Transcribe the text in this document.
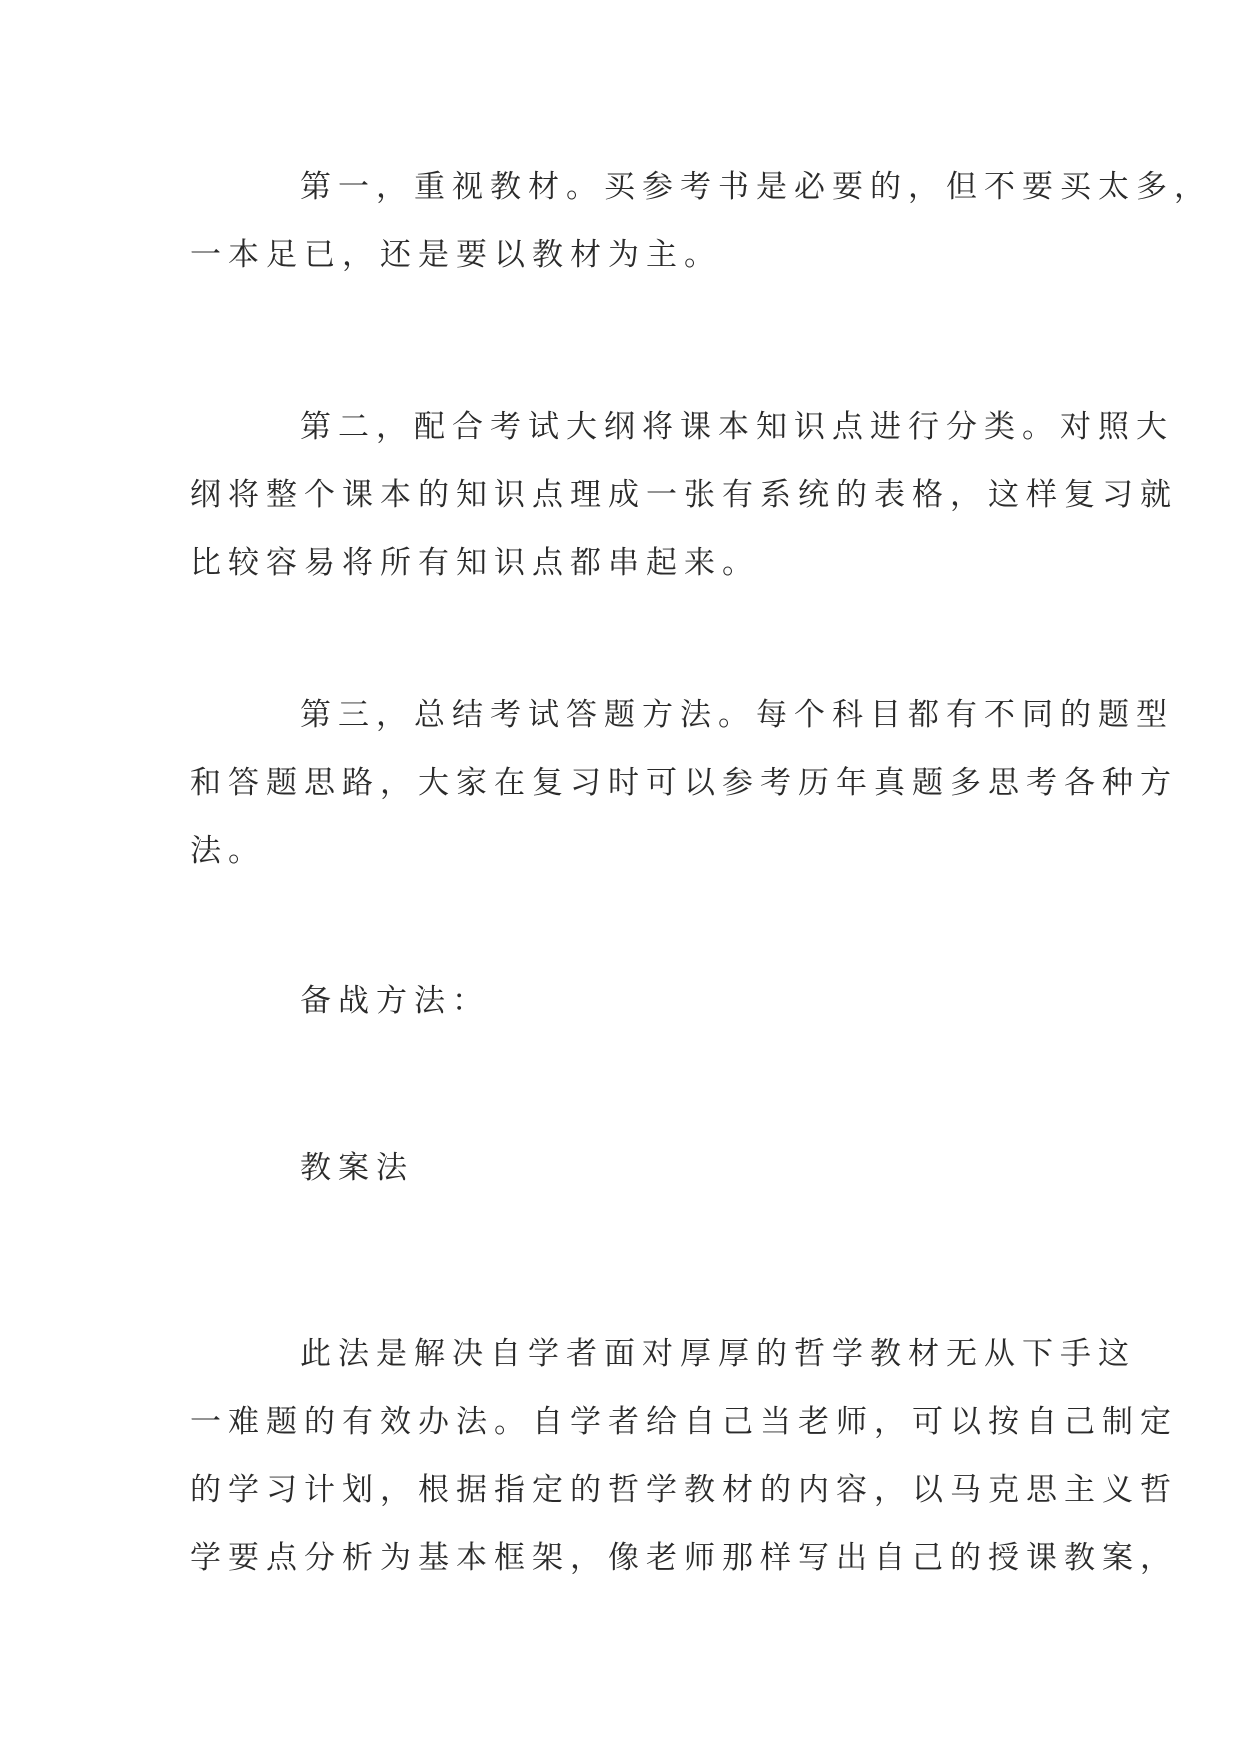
第一，重视教材。买参考书是必要的，但不要买太多，
一本足已，还是要以教材为主。
第二，配合考试大纲将课本知识点进行分类。对照大
纲将整个课本的知识点理成一张有系统的表格，这样复习就
比较容易将所有知识点都串起来。
第三，总结考试答题方法。每个科目都有不同的题型
和答题思路，大家在复习时可以参考历年真题多思考各种方
法。
备战方法：
教案法
此法是解决自学者面对厚厚的哲学教材无从下手这
一难题的有效办法。自学者给自己当老师，可以按自己制定
的学习计划，根据指定的哲学教材的内容，以马克思主义哲
学要点分析为基本框架，像老师那样写出自己的授课教案，
